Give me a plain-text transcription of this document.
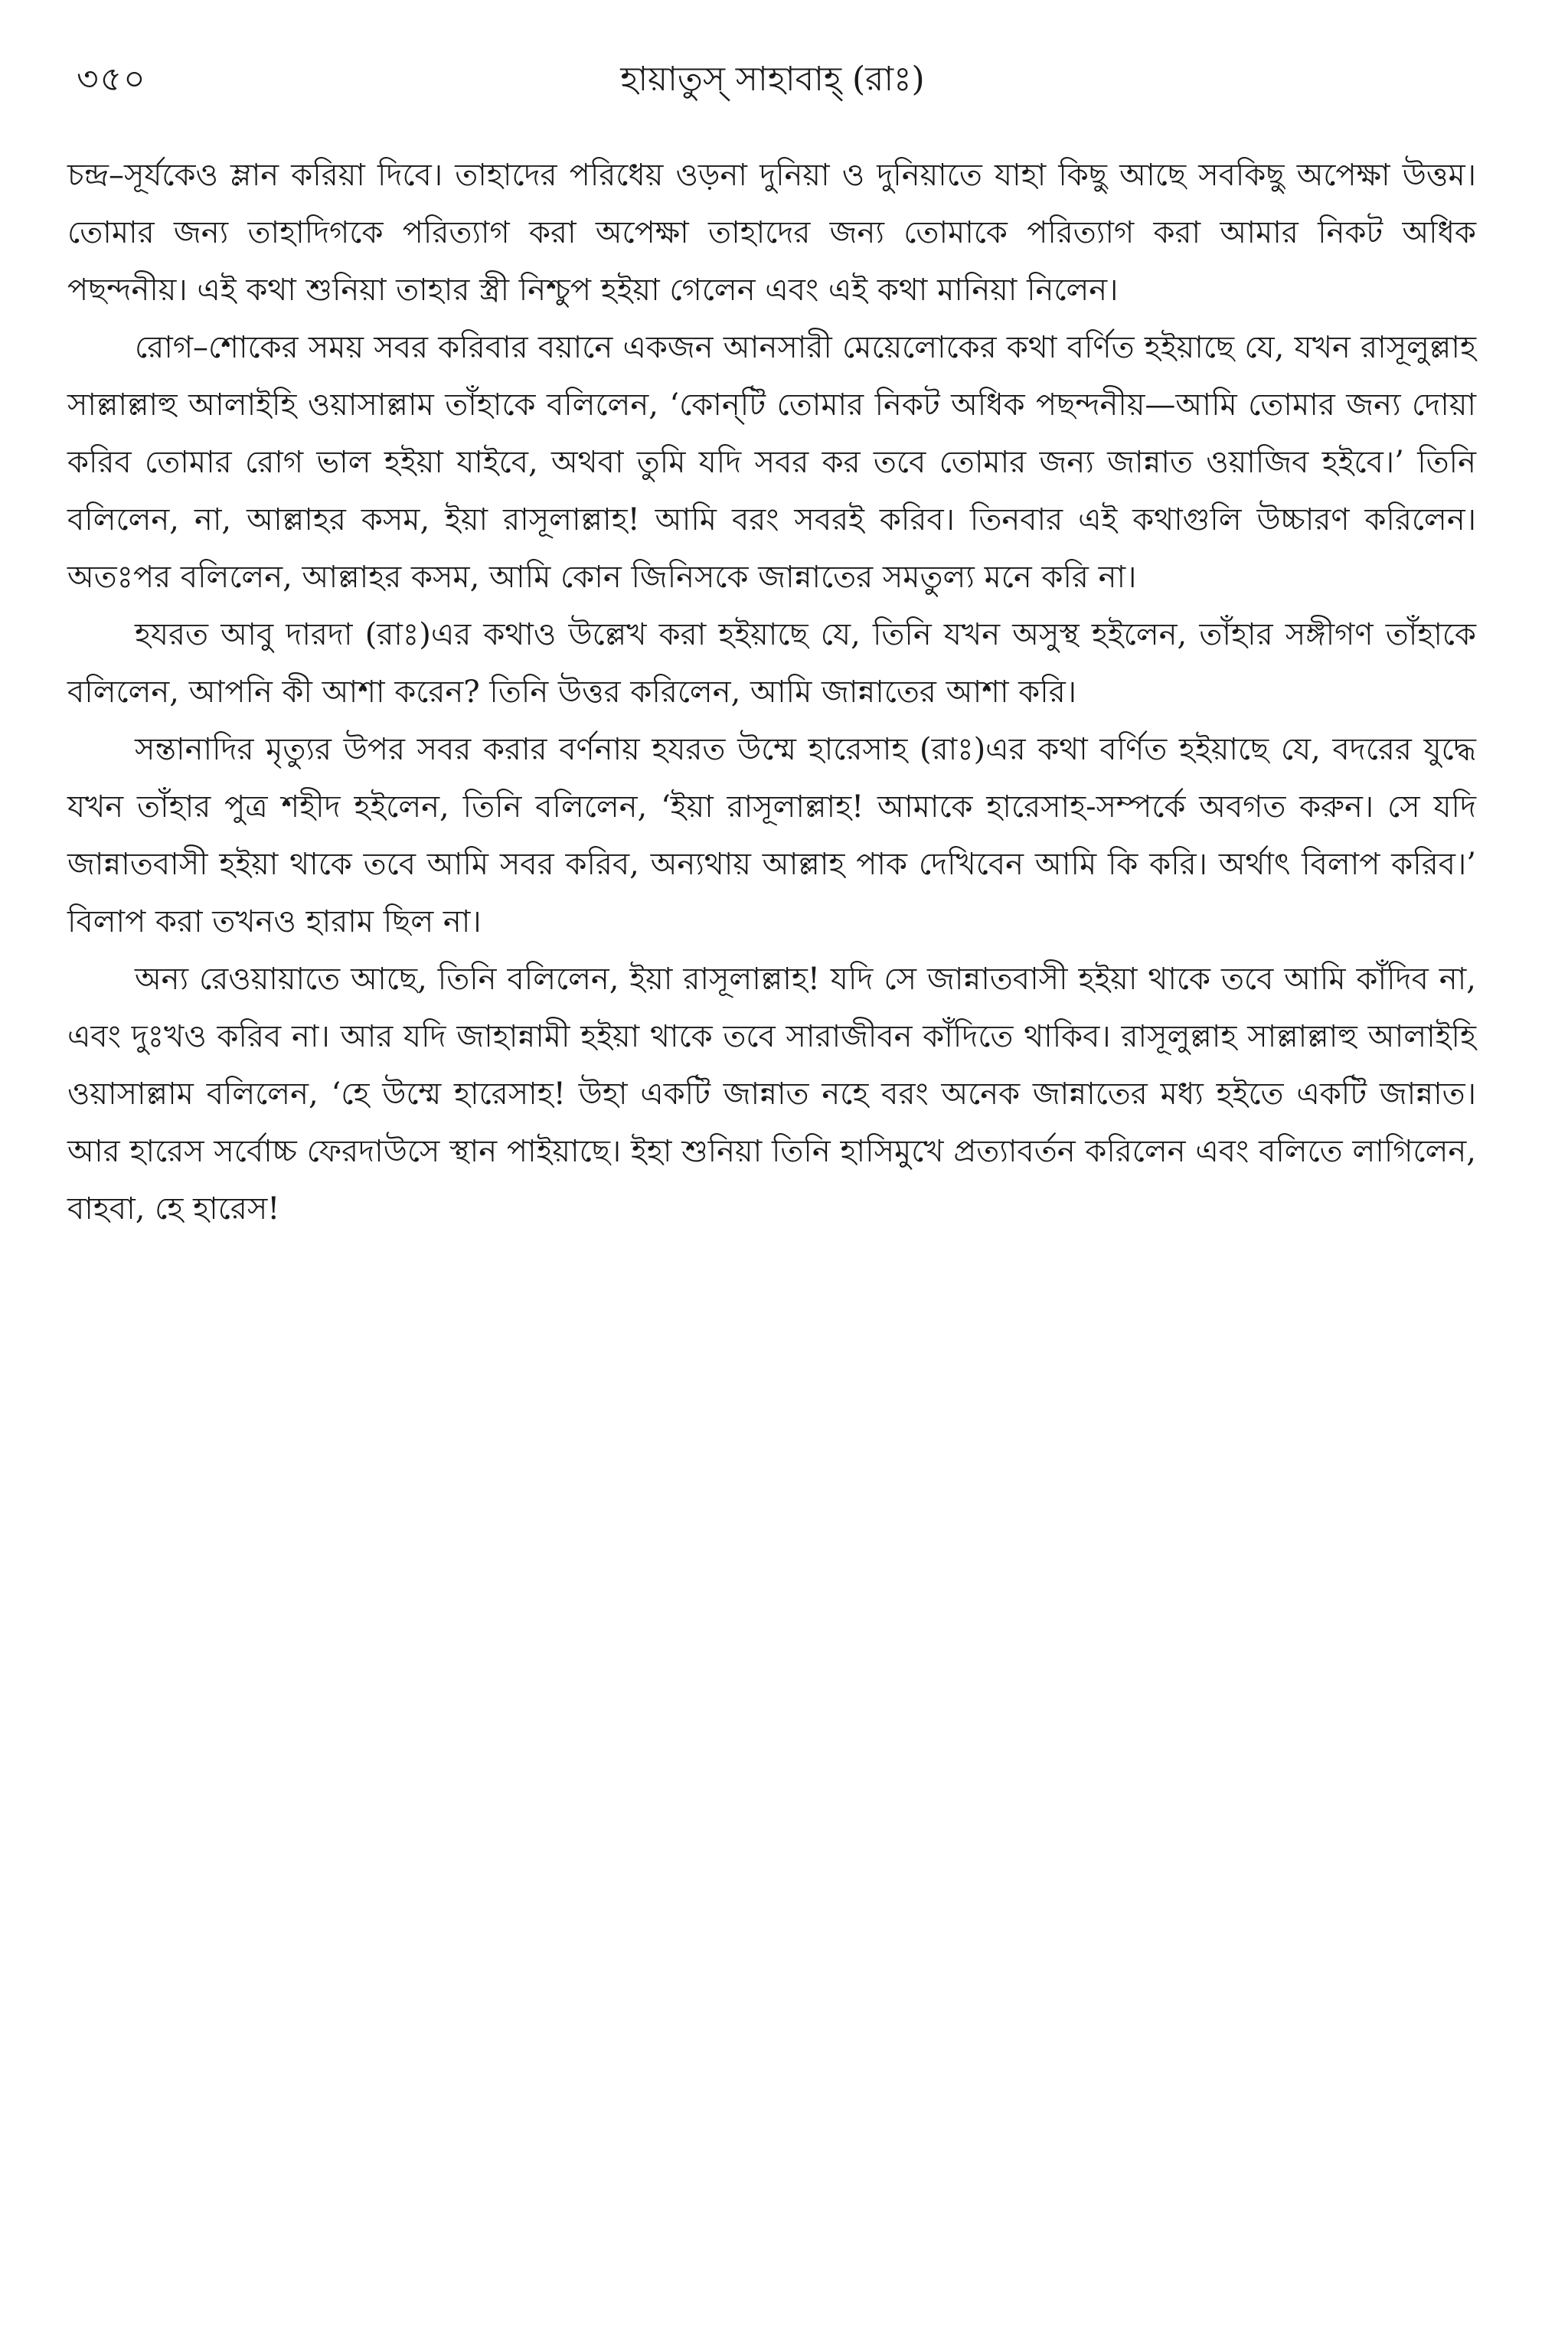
৩৫০	হায়াতুস্‌ সাহাবাহ্‌ (রাঃ)

চন্দ্র–সূর্যকেও ম্লান করিয়া দিবে। তাহাদের পরিধেয় ওড়না দুনিয়া ও দুনিয়াতে যাহা কিছু আছে সবকিছু অপেক্ষা উত্তম। তোমার জন্য তাহাদিগকে পরিত্যাগ করা অপেক্ষা তাহাদের জন্য তোমাকে পরিত্যাগ করা আমার নিকট অধিক পছন্দনীয়। এই কথা শুনিয়া তাহার স্ত্রী নিশ্চুপ হইয়া গেলেন এবং এই কথা মানিয়া নিলেন।

রোগ–শোকের সময় সবর করিবার বয়ানে একজন আনসারী মেয়েলোকের কথা বর্ণিত হইয়াছে যে, যখন রাসূলুল্লাহ সাল্লাল্লাহু আলাইহি ওয়াসাল্লাম তাঁহাকে বলিলেন, ‘কোন্‌টি তোমার নিকট অধিক পছন্দনীয়—আমি তোমার জন্য দোয়া করিব তোমার রোগ ভাল হইয়া যাইবে, অথবা তুমি যদি সবর কর তবে তোমার জন্য জান্নাত ওয়াজিব হইবে।’ তিনি বলিলেন, না, আল্লাহর কসম, ইয়া রাসূলাল্লাহ! আমি বরং সবরই করিব। তিনবার এই কথাগুলি উচ্চারণ করিলেন। অতঃপর বলিলেন, আল্লাহর কসম, আমি কোন জিনিসকে জান্নাতের সমতুল্য মনে করি না।

হযরত আবু দারদা (রাঃ)এর কথাও উল্লেখ করা হইয়াছে যে, তিনি যখন অসুস্থ হইলেন, তাঁহার সঙ্গীগণ তাঁহাকে বলিলেন, আপনি কী আশা করেন? তিনি উত্তর করিলেন, আমি জান্নাতের আশা করি।

সন্তানাদির মৃত্যুর উপর সবর করার বর্ণনায় হযরত উম্মে হারেসাহ (রাঃ)এর কথা বর্ণিত হইয়াছে যে, বদরের যুদ্ধে যখন তাঁহার পুত্র শহীদ হইলেন, তিনি বলিলেন, ‘ইয়া রাসূলাল্লাহ! আমাকে হারেসাহ-সম্পর্কে অবগত করুন। সে যদি জান্নাতবাসী হইয়া থাকে তবে আমি সবর করিব, অন্যথায় আল্লাহ পাক দেখিবেন আমি কি করি। অর্থাৎ বিলাপ করিব।’ বিলাপ করা তখনও হারাম ছিল না।

অন্য রেওয়ায়াতে আছে, তিনি বলিলেন, ইয়া রাসূলাল্লাহ! যদি সে জান্নাতবাসী হইয়া থাকে তবে আমি কাঁদিব না, এবং দুঃখও করিব না। আর যদি জাহান্নামী হইয়া থাকে তবে সারাজীবন কাঁদিতে থাকিব। রাসূলুল্লাহ সাল্লাল্লাহু আলাইহি ওয়াসাল্লাম বলিলেন, ‘হে উম্মে হারেসাহ! উহা একটি জান্নাত নহে বরং অনেক জান্নাতের মধ্য হইতে একটি জান্নাত। আর হারেস সর্বোচ্চ ফেরদাউসে স্থান পাইয়াছে। ইহা শুনিয়া তিনি হাসিমুখে প্রত্যাবর্তন করিলেন এবং বলিতে লাগিলেন, বাহবা, হে হারেস!
